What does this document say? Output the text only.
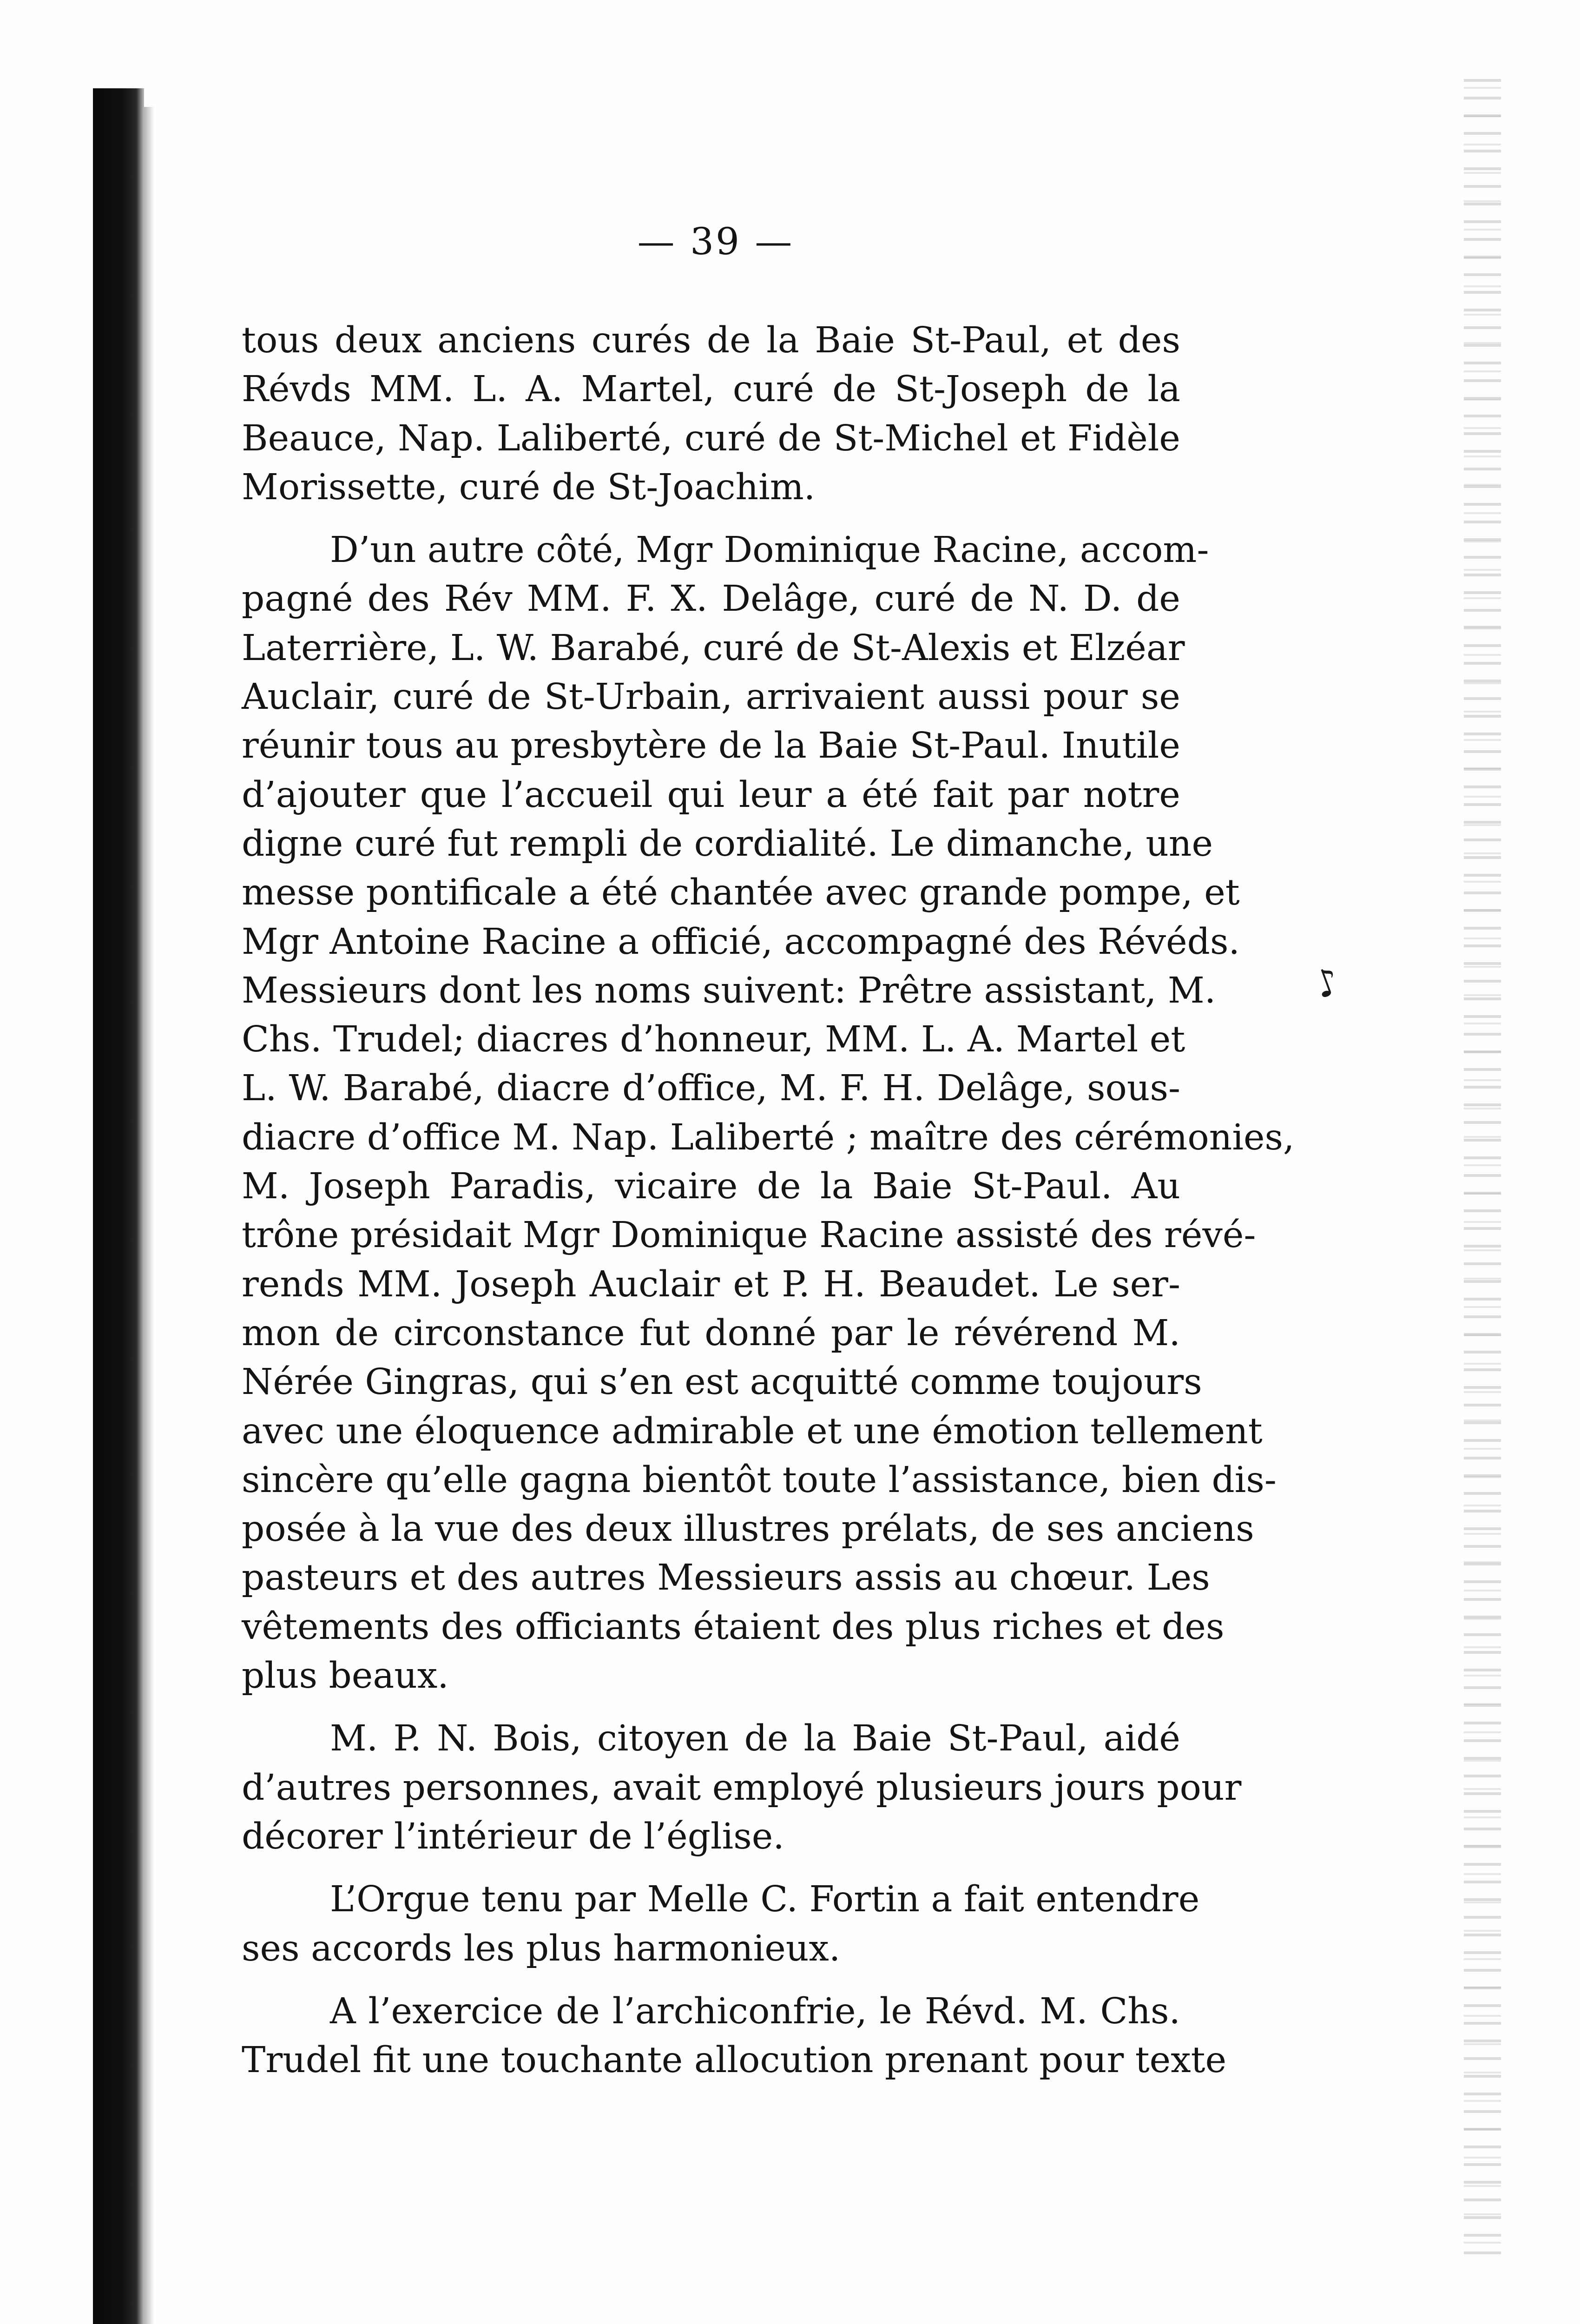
♪
— 39 —
tous deux anciens curés de la Baie St-Paul, et des
Révds MM. L. A. Martel, curé de St-Joseph de la
Beauce, Nap. Laliberté, curé de St-Michel et Fidèle
Morissette, curé de St-Joachim.
D’un autre côté, Mgr Dominique Racine, accom-
pagné des Rév MM. F. X. Delâge, curé de N. D. de
Laterrière, L. W. Barabé, curé de St-Alexis et Elzéar
Auclair, curé de St-Urbain, arrivaient aussi pour se
réunir tous au presbytère de la Baie St-Paul. Inutile
d’ajouter que l’accueil qui leur a été fait par notre
digne curé fut rempli de cordialité. Le dimanche, une
messe pontificale a été chantée avec grande pompe, et
Mgr Antoine Racine a officié, accompagné des Révéds.
Messieurs dont les noms suivent: Prêtre assistant, M.
Chs. Trudel; diacres d’honneur, MM. L. A. Martel et
L. W. Barabé, diacre d’office, M. F. H. Delâge, sous-
diacre d’office M. Nap. Laliberté ; maître des cérémonies,
M. Joseph Paradis, vicaire de la Baie St-Paul. Au
trône présidait Mgr Dominique Racine assisté des révé-
rends MM. Joseph Auclair et P. H. Beaudet. Le ser-
mon de circonstance fut donné par le révérend M.
Nérée Gingras, qui s’en est acquitté comme toujours
avec une éloquence admirable et une émotion tellement
sincère qu’elle gagna bientôt toute l’assistance, bien dis-
posée à la vue des deux illustres prélats, de ses anciens
pasteurs et des autres Messieurs assis au chœur. Les
vêtements des officiants étaient des plus riches et des
plus beaux.
M. P. N. Bois, citoyen de la Baie St-Paul, aidé
d’autres personnes, avait employé plusieurs jours pour
décorer l’intérieur de l’église.
L’Orgue tenu par Melle C. Fortin a fait entendre
ses accords les plus harmonieux.
A l’exercice de l’archiconfrie, le Révd. M. Chs.
Trudel fit une touchante allocution prenant pour texte
